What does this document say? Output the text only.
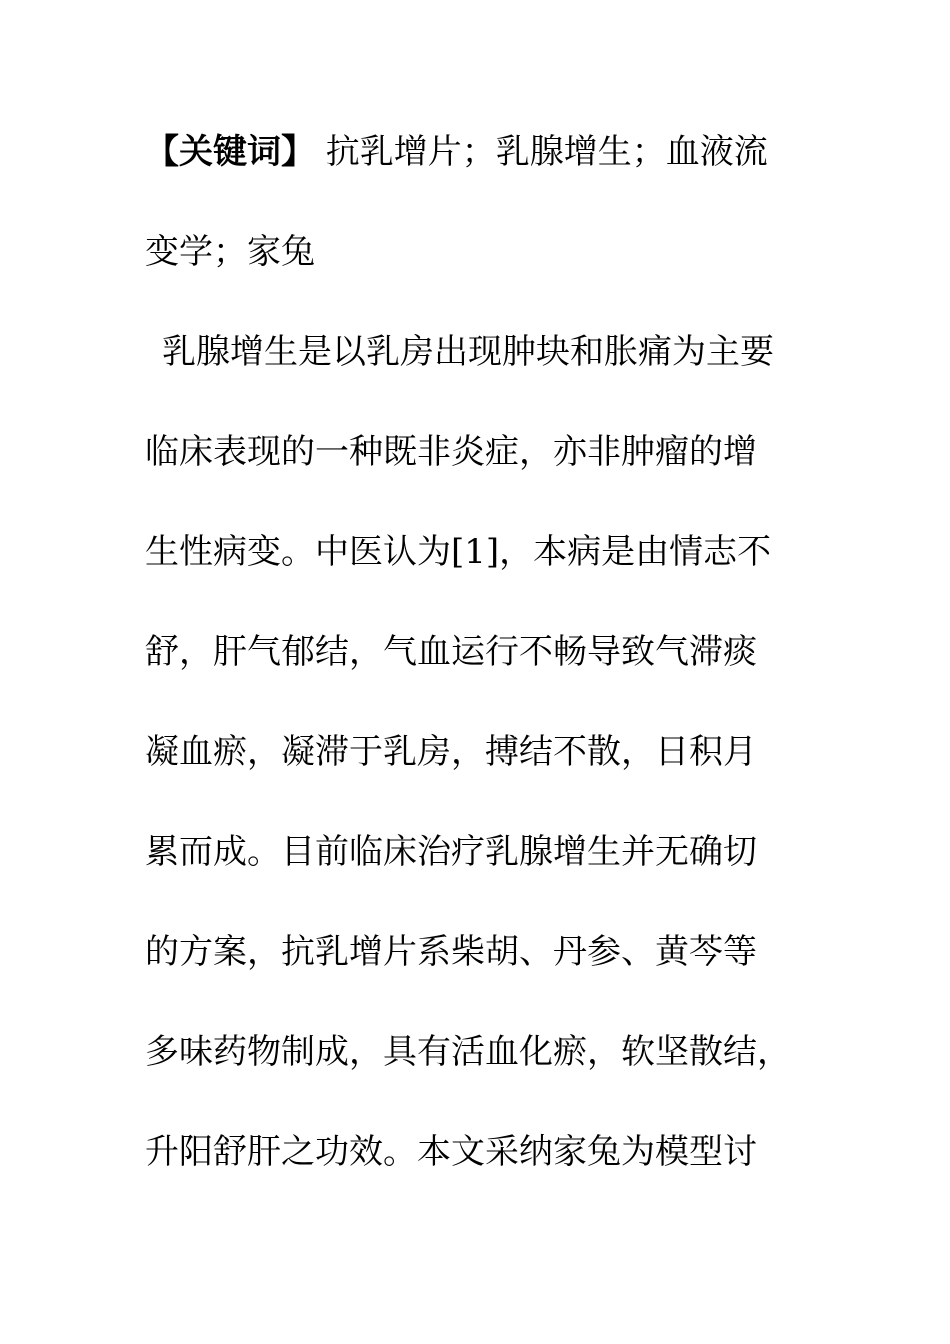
【关键词】 抗乳增片；乳腺增生；血液流
变学；家兔
乳腺增生是以乳房出现肿块和胀痛为主要
临床表现的一种既非炎症，亦非肿瘤的增
生性病变。中医认为[1]，本病是由情志不
舒，肝气郁结，气血运行不畅导致气滞痰
凝血瘀，凝滞于乳房，搏结不散，日积月
累而成。目前临床治疗乳腺增生并无确切
的方案，抗乳增片系柴胡、丹参、黄芩等
多味药物制成，具有活血化瘀，软坚散结，
升阳舒肝之功效。本文采纳家兔为模型讨
